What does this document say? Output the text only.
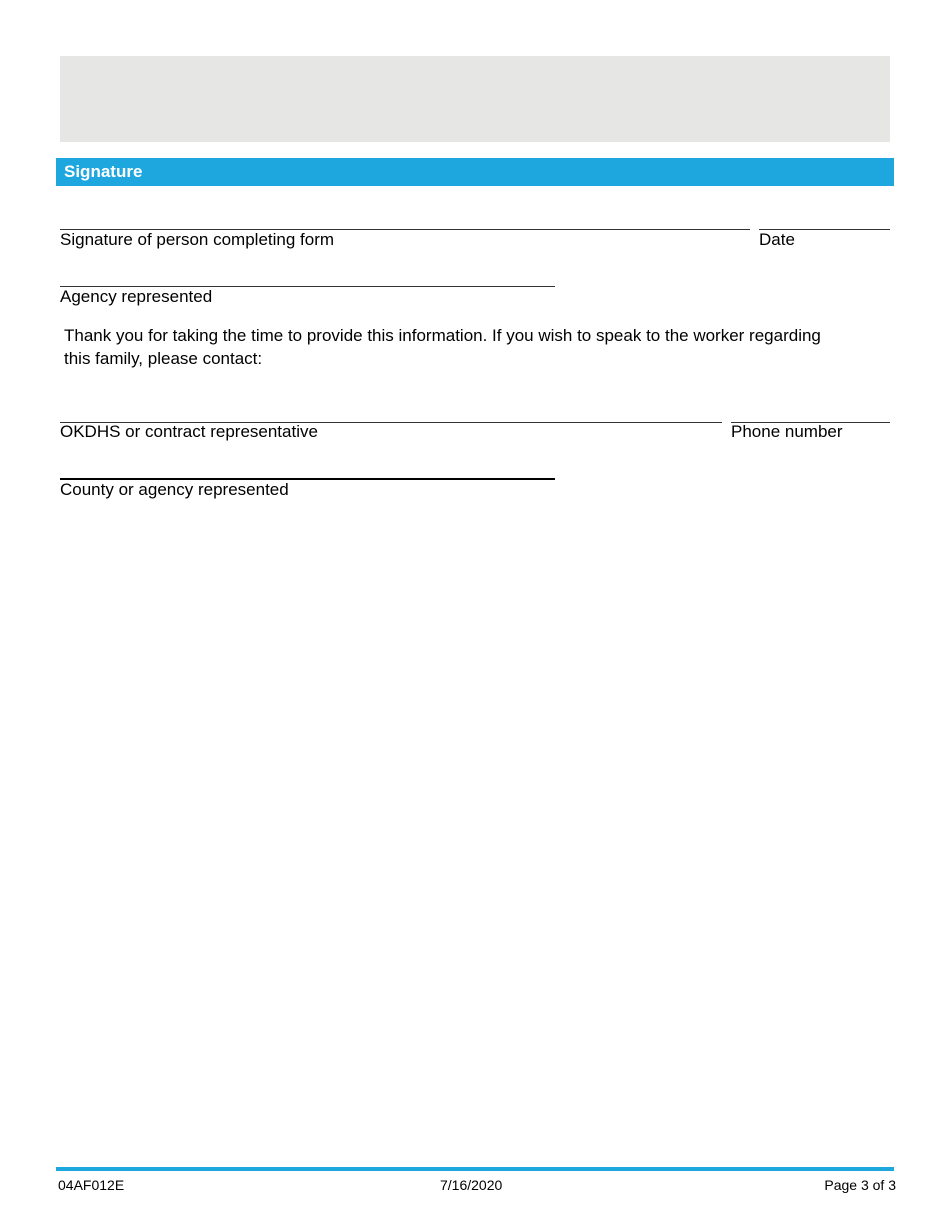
Signature
Signature of person completing form	Date
Agency represented
Thank you for taking the time to provide this information. If you wish to speak to the worker regarding this family, please contact:
OKDHS or contract representative	Phone number
County or agency represented
04AF012E	7/16/2020	Page 3 of 3
